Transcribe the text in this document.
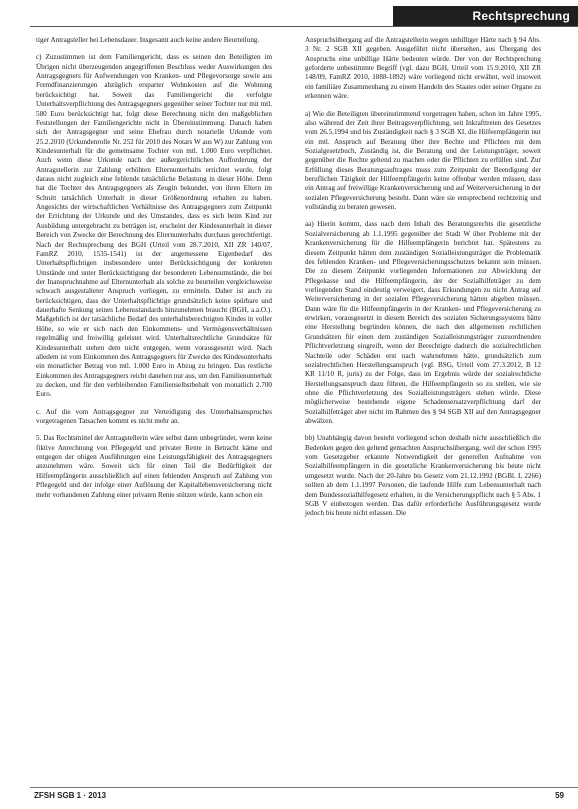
Rechtsprechung

tiger Antragsteller bei Lebensdauer. Insgesamt auch keine andere Beurteilung.

c) Zuzustimmen ist dem Familiengericht, dass es seinen den Beteiligten im Übrigen nicht überzeugenden angegriffenen Beschluss weder Auswirkungen des Antragsgegners für Aufwendungen von Kranken- und Pflegevorsorge sowie aus Fremdfinanzierungen abzüglich ersparter Wohnkosten auf die Wohnung berücksichtigt hat. Soweit das Familiengericht die verfolgte Unterhaltsverpflichtung des Antragsgegners gegenüber seiner Tochter nur mit mtl. 580 Euro berücksichtigt hat, folgt diese Berechnung nicht den maßgeblichen Feststellungen der Familiengerichte nicht in Übereinstimmung. Danach haben sich der Antragsgegner und seine Ehefrau durch notarielle Urkunde vom 25.2.2010 (Urkundenrolle Nr. 252 für 2010 des Notars W aus W) zur Zahlung von Kindesunterhalt für die gemeinsame Tochter von mtl. 1.000 Euro verpflichtet. Auch wenn diese Urkunde nach der außergerichtlichen Aufforderung der Antragstellerin zur Zahlung erhöhten Elternunterhalts errichtet wurde, folgt daraus nicht zugleich eine fehlende tatsächliche Belastung in dieser Höhe. Denn hat die Tochter des Antragsgegners als Zeugin bekundet, von ihren Eltern im Schnitt tatsächlich Unterhalt in dieser Größenordnung erhalten zu haben. Angesichts der wirtschaftlichen Verhältnisse des Antragsgegners zum Zeitpunkt der Errichtung der Urkunde und des Umstandes, dass es sich beim Kind zur Ausbildung untergebracht zu beträgen ist, erscheint der Kindesunterhalt in dieser Bereich von Zwecke der Berechnung des Elternunterhalts durchaus gerechtfertigt. Nach der Rechtsprechung des BGH (Urteil vom 28.7.2010, XII ZR 140/07, FamRZ 2010, 1535-1541) ist der angemessene Eigenbedarf des Unterhaltspflichtigen insbesondere unter Berücksichtigung der konkreten Umstände und unter Berücksichtigung der besonderen Lebensumstände, die bei der Inanspruchnahme auf Elternunterhalt als solche zu beurteilen vergleichsweise schwach ausgestalteter Anspruch vorliegen, zu ermitteln. Daher ist auch zu berücksichtigen, dass der Unterhaltspflichtige grundsätzlich keine spürbare und dauerhafte Senkung seines Lebensstandards hinzunehmen braucht (BGH, a.a.O.). Maßgeblich ist der tatsächliche Bedarf des unterhaltsberechtigten Kindes in voller Höhe, so wie er sich nach den Einkommens- und Vermögensverhältnissen regelmäßig und freiwillig geleistet wird. Unterhaltsrechtliche Grundsätze für Kindesunterhalt stehen dem nicht entgegen, wenn vorausgesetzt wird. Nach alledem ist vom Einkommen des Antragsgegners für Zwecke des Kindesunterhalts ein monatlicher Betrag von mtl. 1.000 Euro in Abzug zu bringen. Das restliche Einkommen des Antragsgegners reicht daneben nur aus, um den Familienunterhalt zu decken, und für den verbleibenden Familienselbstbehalt von monatlich 2.700 Euro.

c. Auf die vom Antragsgegner zur Verteidigung des Unterhaltsanspruches vorgetragenen Tatsachen kommt es nicht mehr an.

5. Das Rechtsmittel der Antragstellerin wäre selbst dann unbegründet, wenn keine fiktive Anrechnung von Pflegegeld und privater Rente in Betracht käme und entgegen der obigen Ausführungen eine Leistungsfähigkeit des Antragsgegners anzunehmen wäre. Soweit sich für einen Teil die Bedürftigkeit der Hilfeempfängerin ausschließlich auf einen fehlenden Anspruch auf Zahlung von Pflegegeld und der infolge einer Auflösung der Kapitallebensversicherung nicht mehr vorhandenen Zahlung einer privaten Rente stützen würde, kann schon ein

Anspruchsübergang auf die Antragstellerin wegen unbilliger Härte nach § 94 Abs. 3 Nr. 2 SGB XII gegeben. Ausgeführt nicht übersehen, aus Übergang des Anspruchs eine unbillige Härte bedeuten würde. Der von der Rechtsprechung geforderte unbestimmte Begriff (vgl. dazu BGH, Urteil vom 15.9.2010, XII ZR 148/09, FamRZ 2010, 1888-1892) wäre vorliegend nicht erwähnt, weil insoweit ein familiäre Zusammenhang zu einem Handeln des Staates oder seiner Organe zu erkennen wäre.

a) Wie die Beteiligten übereinstimmend vorgetragen haben, schon im Jahre 1995, also während der Zeit ihrer Beitragsverpflichtung, seit Inkrafttreten des Gesetzes vom 26.5.1994 und bis Zuständigkeit nach § 3 SGB XI, die Hilfeempfängerin nur ein mtl. Anspruch auf Beratung über ihre Rechte und Pflichten mit dem Sozialgesetzbuch, Zuständig ist, die Beratung und der Leistungsträger, soweit gegenüber die Rechte geltend zu machen oder die Pflichten zu erfüllen sind. Zur Erfüllung dieses Beratungsauftrages muss zum Zeitpunkt der Beendigung der beruflichen Tätigkeit der Hilfeempfängerin keine offenbar werden müssen, dass ein Antrag auf freiwillige Krankenversicherung und auf Weiterversicherung in der sozialen Pflegeversicherung besteht. Dann wäre sie entsprechend rechtzeitig und vollständig zu beraten gewesen.

aa) Hierin kommt, dass nach dem Inhalt des Beratungsrechts die gesetzliche Sozialversicherung ab 1.1.1995 gegenüber der Stadt W über Probleme mit der Krankenversicherung für die Hilfeempfängerin berichtet hat. Spätestens zu diesem Zeitpunkt hätten dem zuständigen Sozialleistungsträger die Problematik des fehlenden Kranken- und Pflegeversicherungsschutzes bekannt sein müssen. Die zu diesem Zeitpunkt vorliegenden Informationen zur Abwicklung der Pflegekasse und die Hilfeempfängerin, der der Sozialhilfeträger zu dem vorliegenden Stand eindeutig verweigert, dass Erkundungen zu nicht Antrag auf Weiterversicherung in der sozialen Pflegeversicherung hätten abgeben müssen. Dann wäre für die Hilfeempfängerin in der Kranken- und Pflegeversicherung zu erwirken, vorausgesetzt in diesem Bereich des sozialen Sicherungssystems hätte eine Herstellung begründen können, die nach den allgemeinen rechtlichen Grundsätzen für einen dem zuständigen Sozialleistungsträger zuzuordnenden Pflichtverletzung eingreift, wenn der Berechtigte dadurch die sozialrechtlichen Nachteile oder Schäden erst nach wahrnehmen hätte, grundsätzlich zum sozialrechtlichen Herstellungsanspruch (vgl. BSG, Urteil vom 27.3.2012, B 12 KR 11/10 R, juris) zu der Folge, dass im Ergebnis würde der sozialrechtliche Herstellungsanspruch dazu führen, die Hilfeempfängerin so zu stellen, wie sie ohne die Pflichtverletzung des Sozialleistungsträgers stehen würde. Diese möglicherweise bestehende eigene Schadensersatzverpflichtung darf der Sozialhilfeträger aber nicht im Rahmen des § 94 SGB XII auf den Antragsgegner abwälzen.

bb) Unabhängig davon besteht vorliegend schon deshalb nicht ausschließlich die Bedenken gegen den geltend gemachten Anspruchsübergang, weil der schon 1995 vom Gesetzgeber erkannte Notwendigkeit der generellen Aufnahme von Sozialhilfeempfängern in die gesetzliche Krankenversicherung bis heute nicht umgesetzt wurde. Nach der 20-Jahre bis Gesetz vom 21.12.1992 (BGBl. I, 2266) sollten ab dem 1.1.1997 Personen, die laufende Hilfe zum Lebensunterhalt nach dem Bundessozialhilfegesetz erhalten, in die Versicherungspflicht nach § 5 Abs. 1 SGB V einbezogen werden. Das dafür erforderliche Ausführungsgesetz wurde jedoch bis heute nicht erlassen. Die

ZFSH SGB 1 · 2013	59
